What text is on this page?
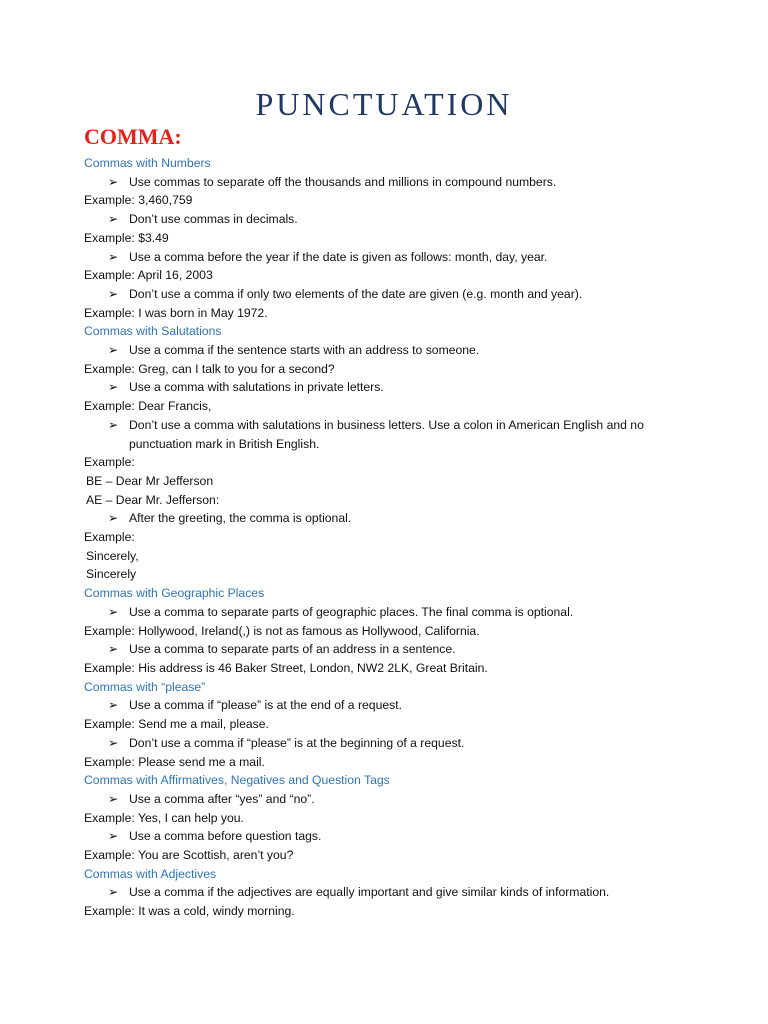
PUNCTUATION
COMMA:
Commas with Numbers
➢ Use commas to separate off the thousands and millions in compound numbers.
Example: 3,460,759
➢ Don’t use commas in decimals.
Example: $3.49
➢ Use a comma before the year if the date is given as follows: month, day, year.
Example: April 16, 2003
➢ Don’t use a comma if only two elements of the date are given (e.g. month and year).
Example: I was born in May 1972.
Commas with Salutations
➢ Use a comma if the sentence starts with an address to someone.
Example: Greg, can I talk to you for a second?
➢ Use a comma with salutations in private letters.
Example: Dear Francis,
➢ Don’t use a comma with salutations in business letters. Use a colon in American English and no punctuation mark in British English.
Example:
BE – Dear Mr Jefferson
AE – Dear Mr. Jefferson:
➢ After the greeting, the comma is optional.
Example:
Sincerely,
Sincerely
Commas with Geographic Places
➢ Use a comma to separate parts of geographic places. The final comma is optional.
Example: Hollywood, Ireland(,) is not as famous as Hollywood, California.
➢ Use a comma to separate parts of an address in a sentence.
Example: His address is 46 Baker Street, London, NW2 2LK, Great Britain.
Commas with “please”
➢ Use a comma if “please” is at the end of a request.
Example: Send me a mail, please.
➢ Don’t use a comma if “please” is at the beginning of a request.
Example: Please send me a mail.
Commas with Affirmatives, Negatives and Question Tags
➢ Use a comma after “yes” and “no”.
Example: Yes, I can help you.
➢ Use a comma before question tags.
Example: You are Scottish, aren’t you?
Commas with Adjectives
➢ Use a comma if the adjectives are equally important and give similar kinds of information.
Example: It was a cold, windy morning.
